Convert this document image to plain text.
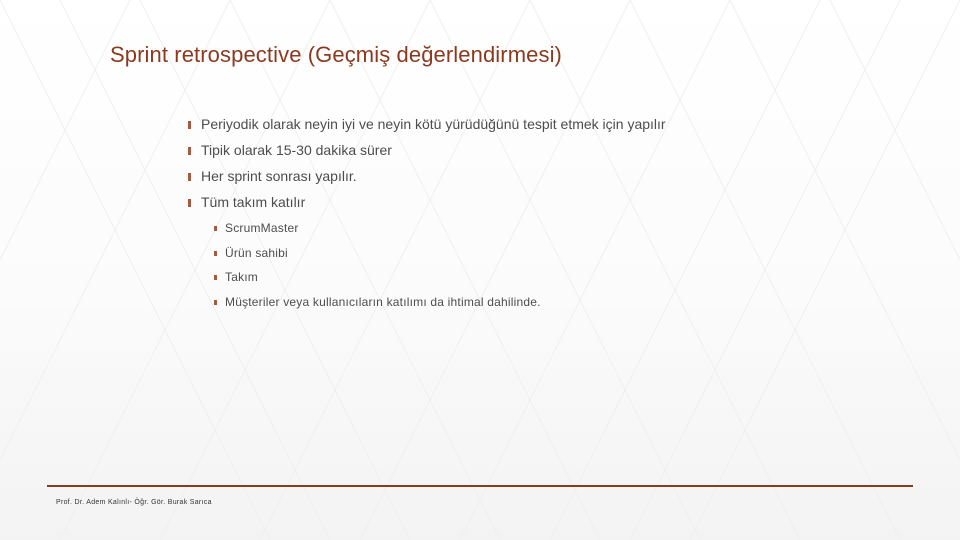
Sprint retrospective (Geçmiş değerlendirmesi)
Periyodik olarak neyin iyi ve neyin kötü yürüdüğünü tespit etmek için yapılır
Tipik olarak 15-30 dakika sürer
Her sprint sonrası yapılır.
Tüm takım katılır
ScrumMaster
Ürün sahibi
Takım
Müşteriler veya kullanıcıların katılımı da ihtimal dahilinde.
Prof. Dr. Adem Kalınlı- Öğr. Gör. Burak Sarıca
